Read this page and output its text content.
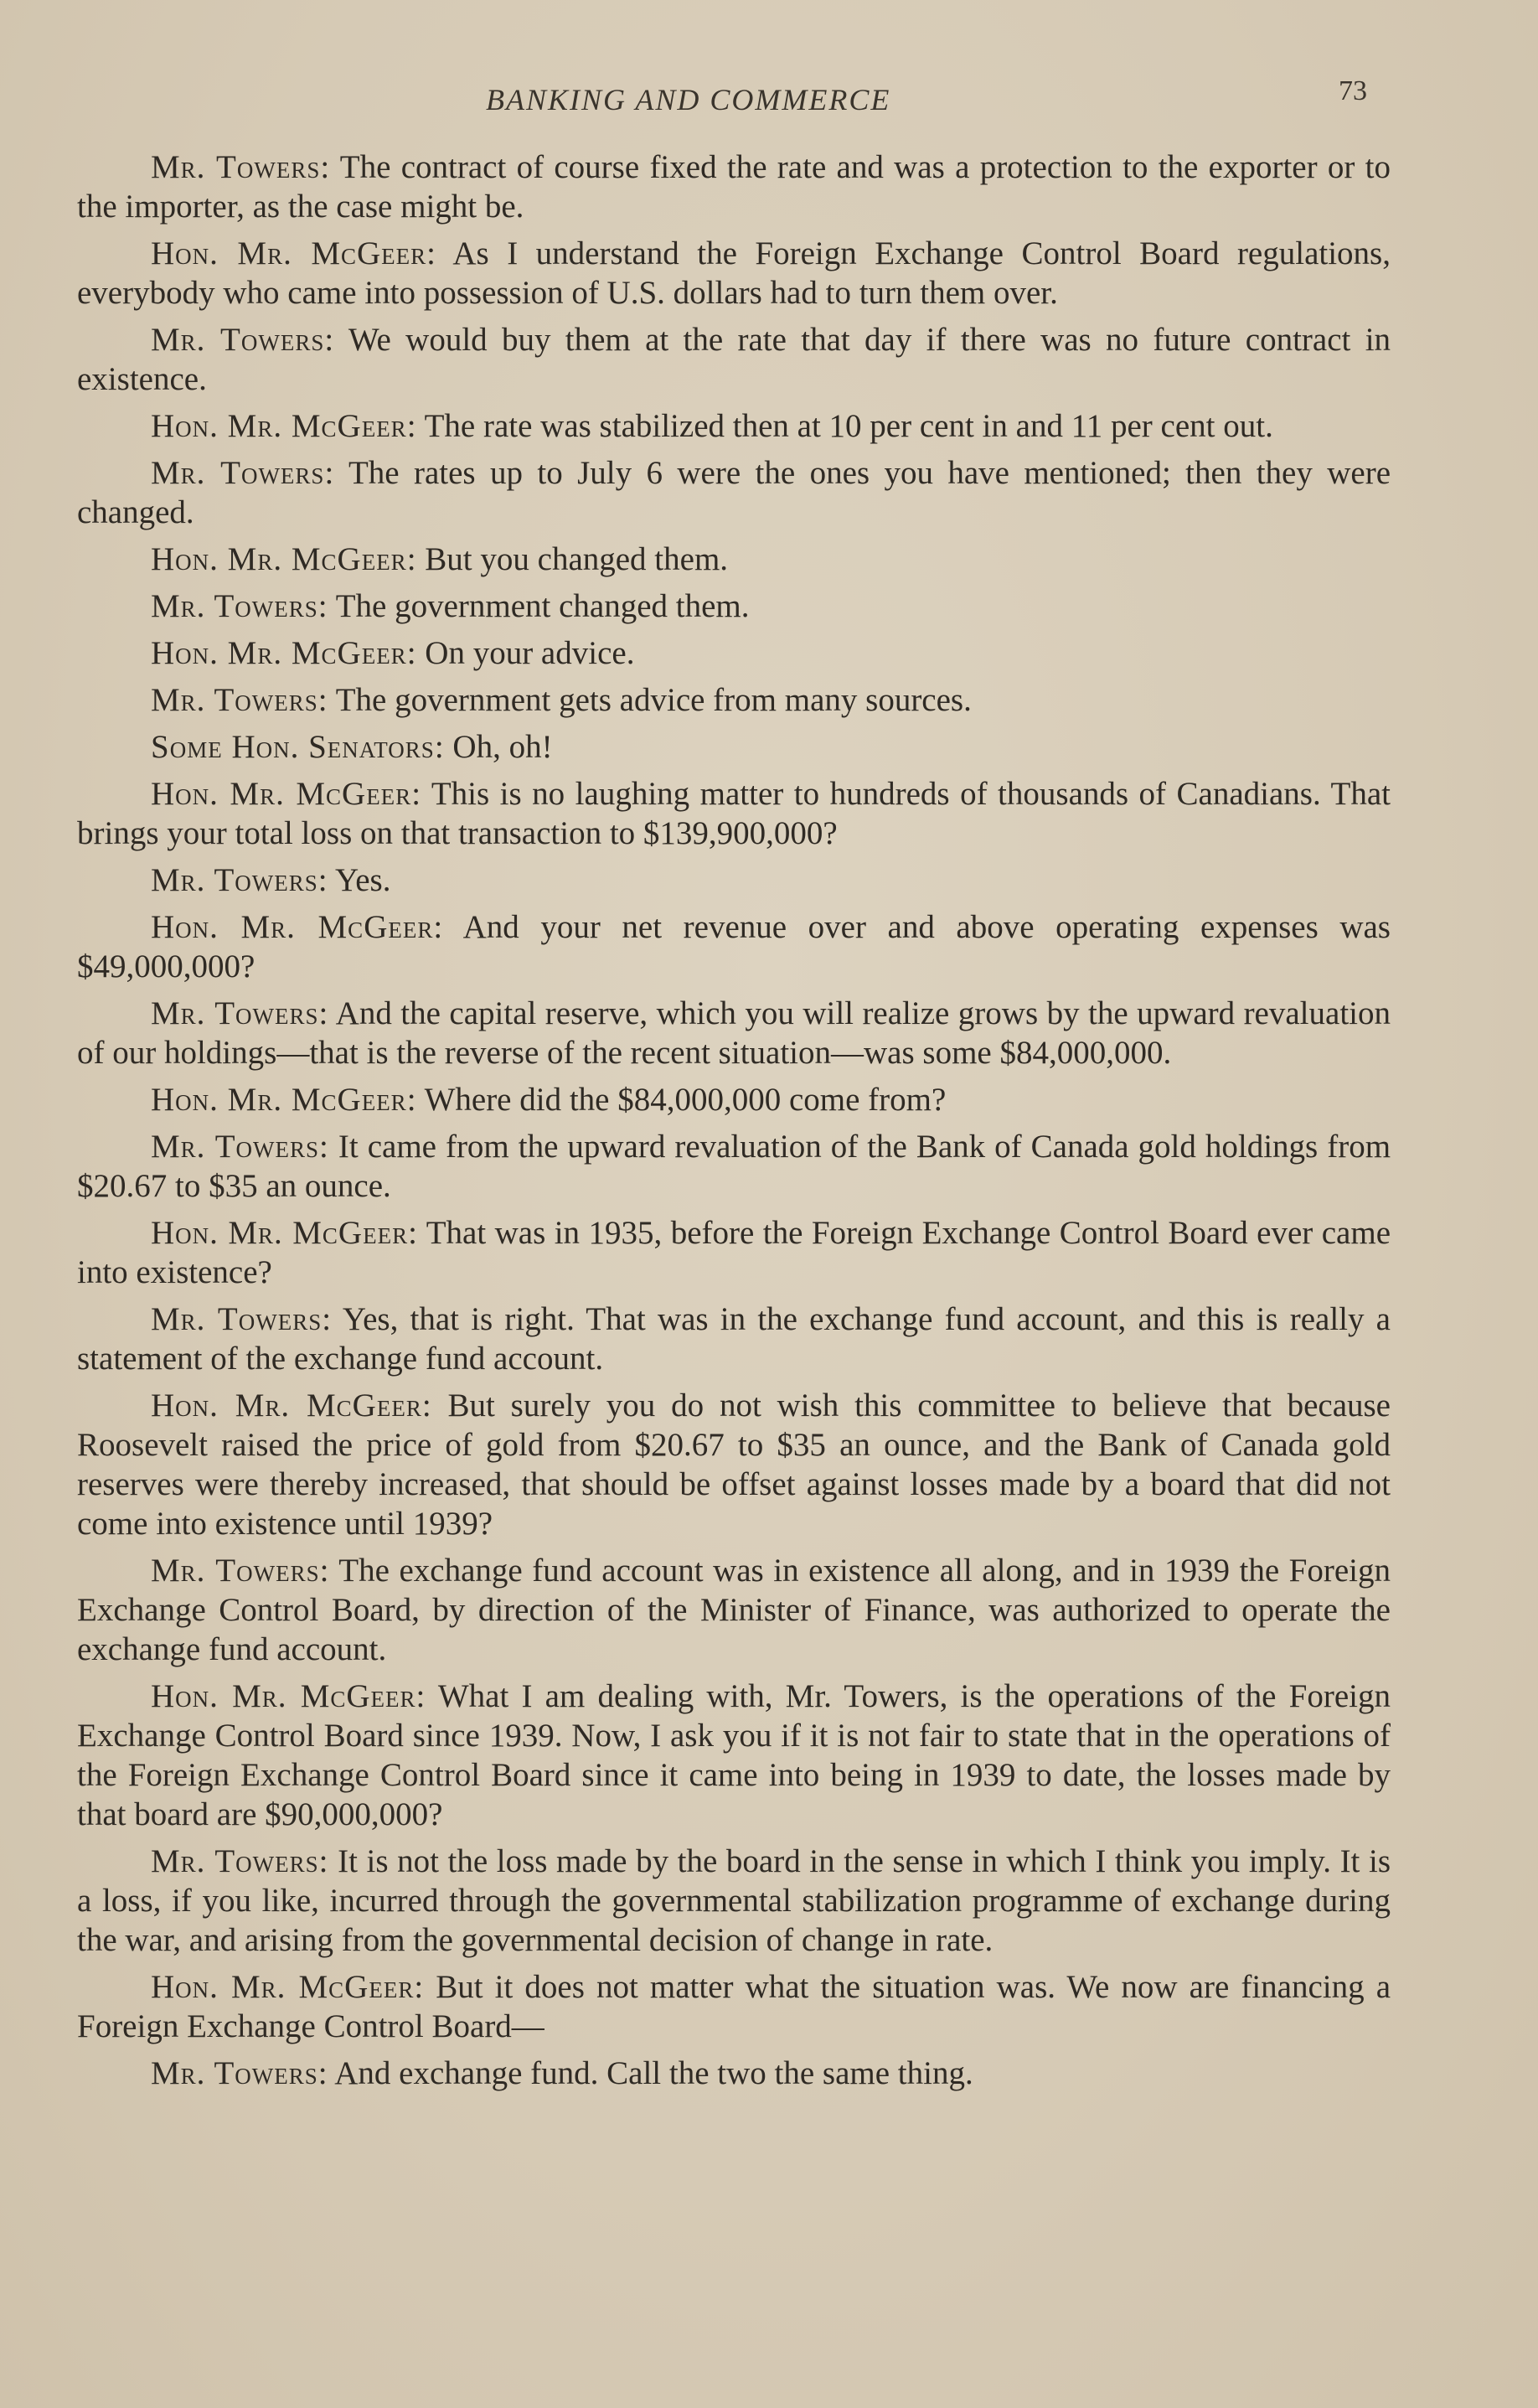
BANKING AND COMMERCE	73

Mr. Towers: The contract of course fixed the rate and was a protection to the exporter or to the importer, as the case might be.

Hon. Mr. McGeer: As I understand the Foreign Exchange Control Board regulations, everybody who came into possession of U.S. dollars had to turn them over.

Mr. Towers: We would buy them at the rate that day if there was no future contract in existence.

Hon. Mr. McGeer: The rate was stabilized then at 10 per cent in and 11 per cent out.

Mr. Towers: The rates up to July 6 were the ones you have mentioned; then they were changed.

Hon. Mr. McGeer: But you changed them.

Mr. Towers: The government changed them.

Hon. Mr. McGeer: On your advice.

Mr. Towers: The government gets advice from many sources.

Some Hon. Senators: Oh, oh!

Hon. Mr. McGeer: This is no laughing matter to hundreds of thousands of Canadians. That brings your total loss on that transaction to $139,900,000?

Mr. Towers: Yes.

Hon. Mr. McGeer: And your net revenue over and above operating expenses was $49,000,000?

Mr. Towers: And the capital reserve, which you will realize grows by the upward revaluation of our holdings—that is the reverse of the recent situation—was some $84,000,000.

Hon. Mr. McGeer: Where did the $84,000,000 come from?

Mr. Towers: It came from the upward revaluation of the Bank of Canada gold holdings from $20.67 to $35 an ounce.

Hon. Mr. McGeer: That was in 1935, before the Foreign Exchange Control Board ever came into existence?

Mr. Towers: Yes, that is right. That was in the exchange fund account, and this is really a statement of the exchange fund account.

Hon. Mr. McGeer: But surely you do not wish this committee to believe that because Roosevelt raised the price of gold from $20.67 to $35 an ounce, and the Bank of Canada gold reserves were thereby increased, that should be offset against losses made by a board that did not come into existence until 1939?

Mr. Towers: The exchange fund account was in existence all along, and in 1939 the Foreign Exchange Control Board, by direction of the Minister of Finance, was authorized to operate the exchange fund account.

Hon. Mr. McGeer: What I am dealing with, Mr. Towers, is the operations of the Foreign Exchange Control Board since 1939. Now, I ask you if it is not fair to state that in the operations of the Foreign Exchange Control Board since it came into being in 1939 to date, the losses made by that board are $90,000,000?

Mr. Towers: It is not the loss made by the board in the sense in which I think you imply. It is a loss, if you like, incurred through the governmental stabilization programme of exchange during the war, and arising from the governmental decision of change in rate.

Hon. Mr. McGeer: But it does not matter what the situation was. We now are financing a Foreign Exchange Control Board—

Mr. Towers: And exchange fund. Call the two the same thing.
